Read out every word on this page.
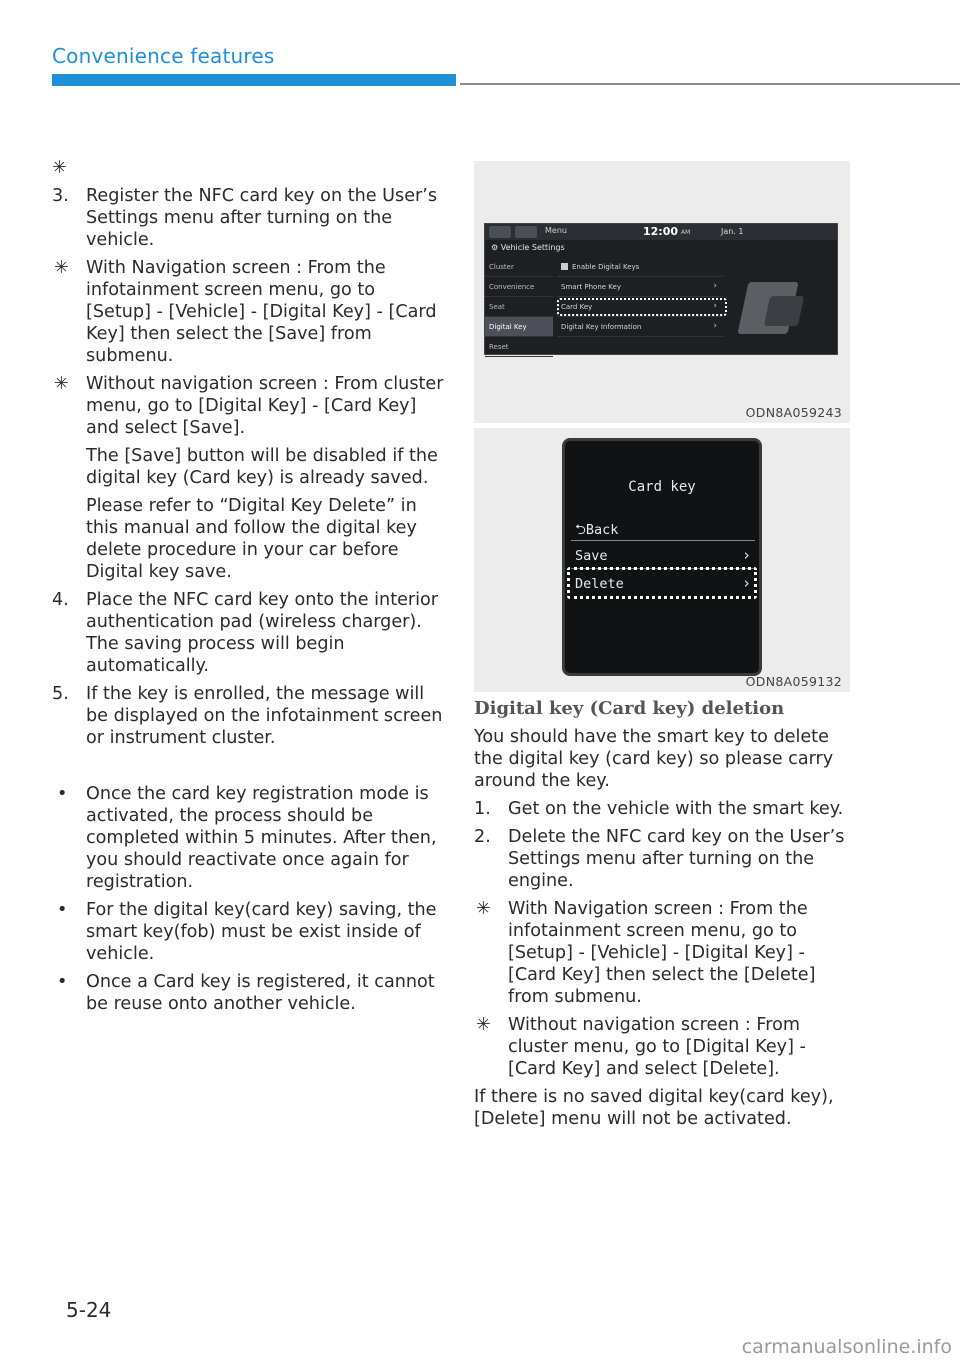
Convenience features
✳
3. Register the NFC card key on the User’s Settings menu after turning on the vehicle.
✳ With Navigation screen : From the infotainment screen menu, go to [Setup] - [Vehicle] - [Digital Key] - [Card Key] then select the [Save] from submenu.
✳ Without navigation screen : From cluster menu, go to [Digital Key] - [Card Key] and select [Save].
The [Save] button will be disabled if the digital key (Card key) is already saved.
Please refer to “Digital Key Delete” in this manual and follow the digital key delete procedure in your car before Digital key save.
4. Place the NFC card key onto the interior authentication pad (wireless charger). The saving process will begin automatically.
5. If the key is enrolled, the message will be displayed on the infotainment screen or instrument cluster.
• Once the card key registration mode is activated, the process should be completed within 5 minutes. After then, you should reactivate once again for registration.
• For the digital key(card key) saving, the smart key(fob) must be exist inside of vehicle.
• Once a Card key is registered, it cannot be reuse onto another vehicle.
Menu	12:00 AM	Jan. 1
⚙ Vehicle Settings
Cluster
Convenience
Seat
Digital Key
Reset
Enable Digital Keys
Smart Phone Key	›
Card Key	›
Digital Key Information	›
ODN8A059243
Card key
⮌Back
Save	›
Delete	›
ODN8A059132
Digital key (Card key) deletion
You should have the smart key to delete the digital key (card key) so please carry around the key.
1. Get on the vehicle with the smart key.
2. Delete the NFC card key on the User’s Settings menu after turning on the engine.
✳ With Navigation screen : From the infotainment screen menu, go to [Setup] - [Vehicle] - [Digital Key] - [Card Key] then select the [Delete] from submenu.
✳ Without navigation screen : From cluster menu, go to [Digital Key] - [Card Key] and select [Delete].
If there is no saved digital key(card key), [Delete] menu will not be activated.
5-24
carmanualsonline.info
